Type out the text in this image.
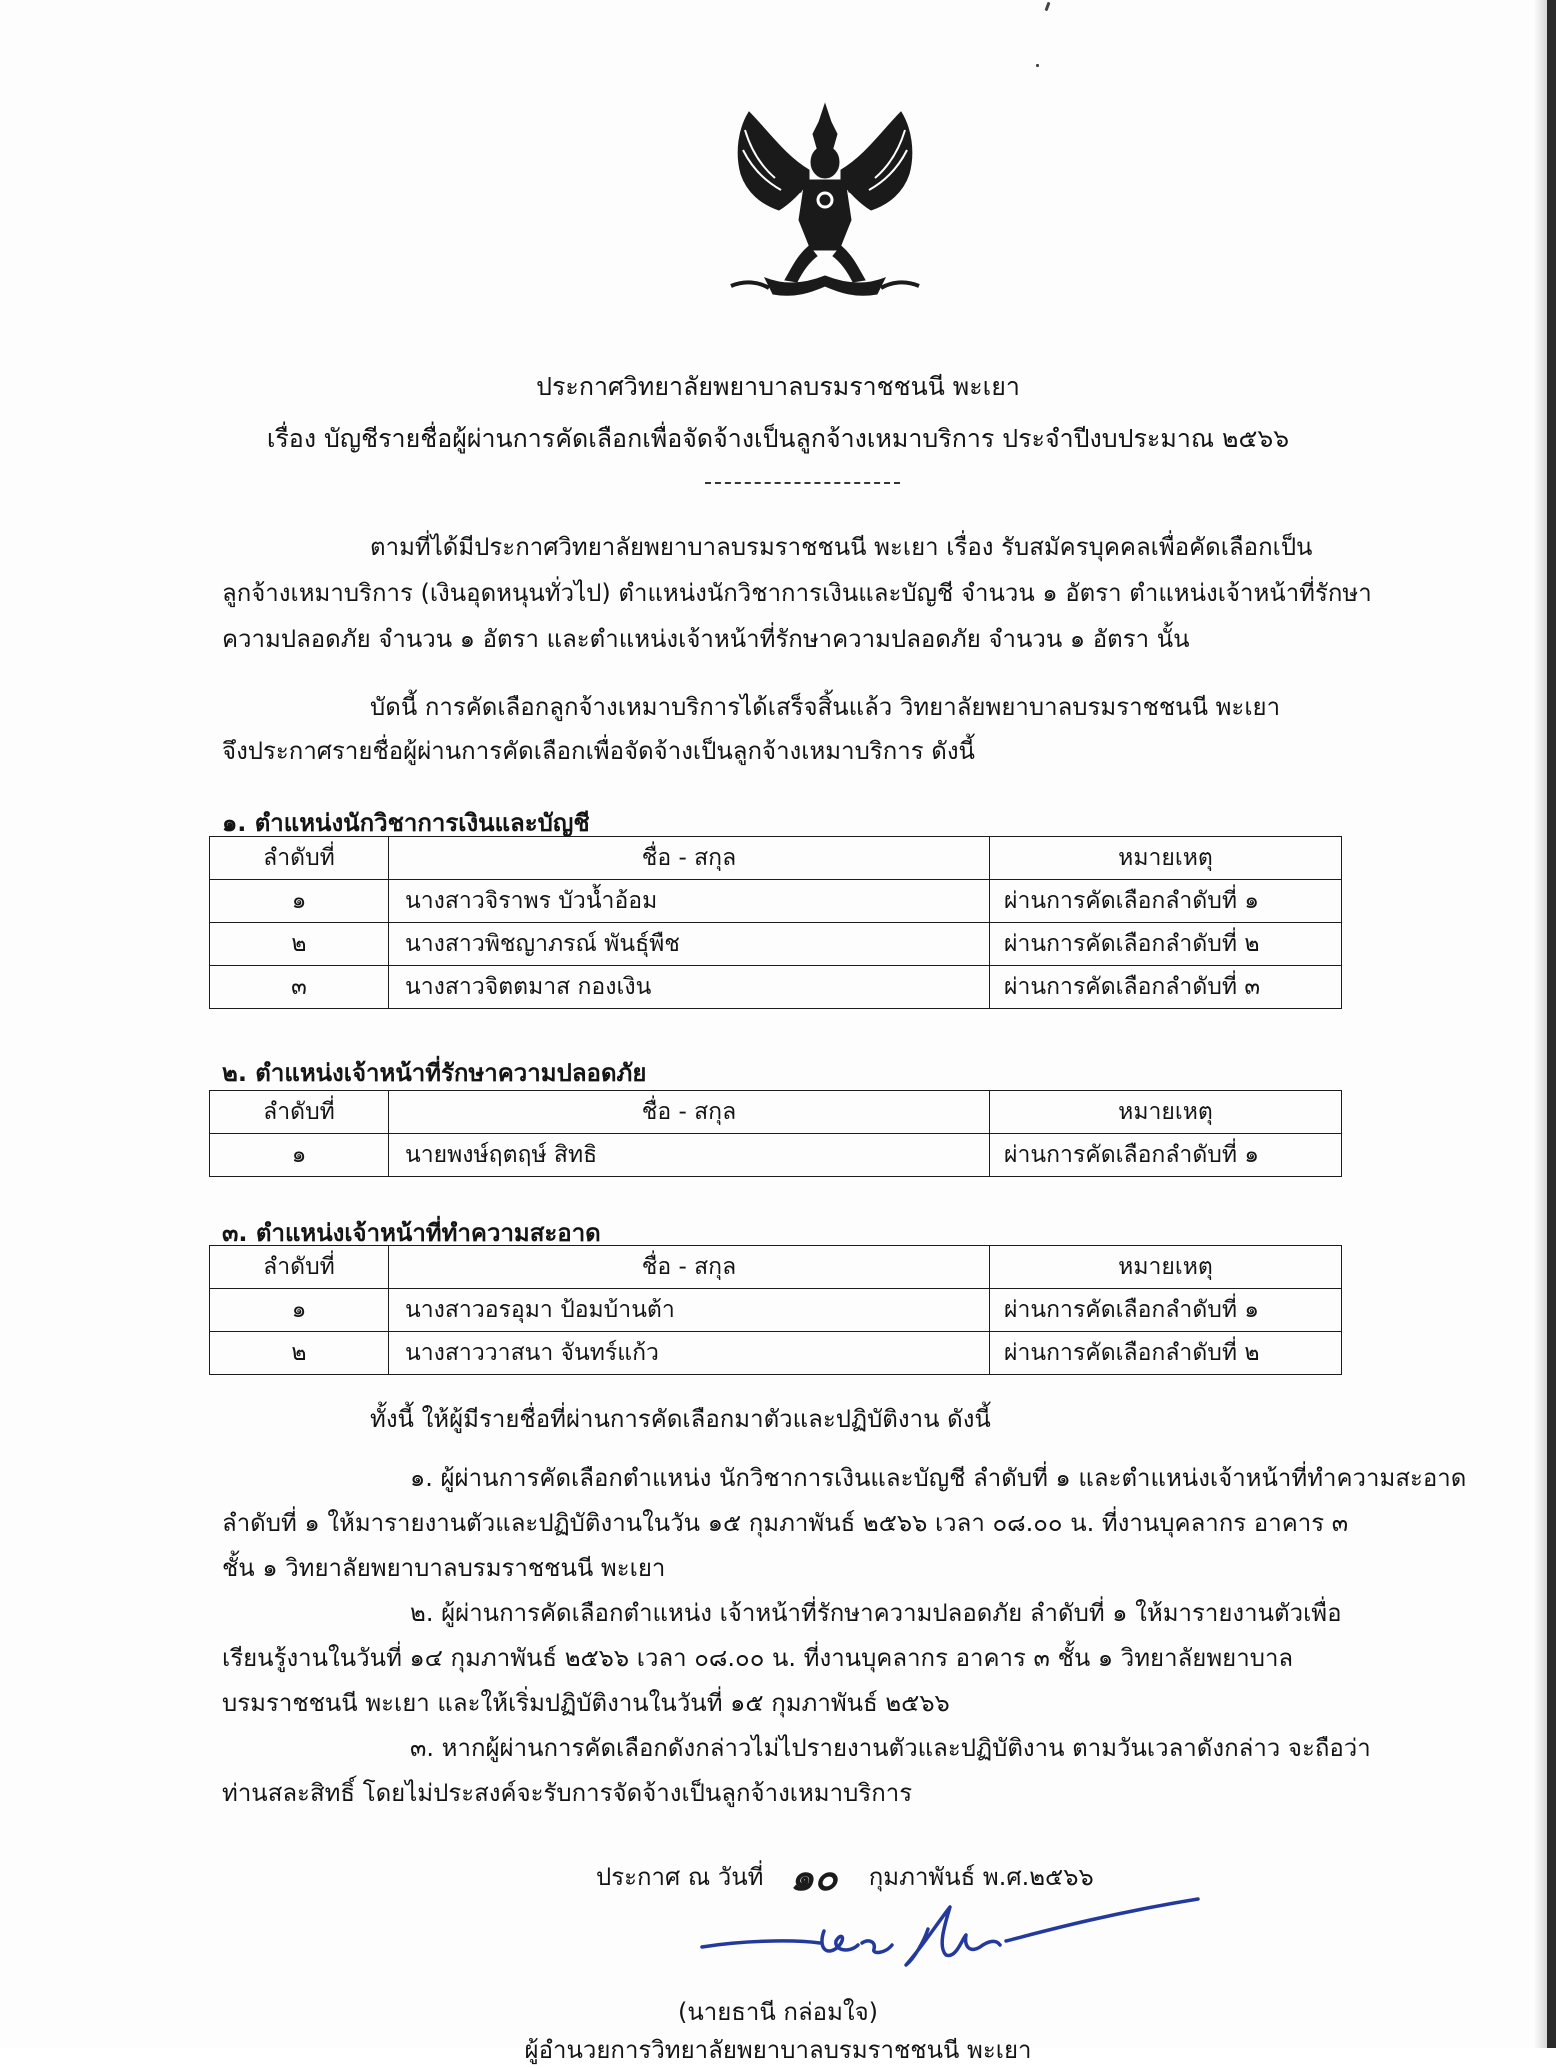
ประกาศวิทยาลัยพยาบาลบรมราชชนนี พะเยา
เรื่อง บัญชีรายชื่อผู้ผ่านการคัดเลือกเพื่อจัดจ้างเป็นลูกจ้างเหมาบริการ ประจำปีงบประมาณ ๒๕๖๖
ตามที่ได้มีประกาศวิทยาลัยพยาบาลบรมราชชนนี พะเยา เรื่อง รับสมัครบุคคลเพื่อคัดเลือกเป็น
ลูกจ้างเหมาบริการ (เงินอุดหนุนทั่วไป) ตำแหน่งนักวิชาการเงินและบัญชี จำนวน ๑ อัตรา ตำแหน่งเจ้าหน้าที่รักษา
ความปลอดภัย จำนวน ๑ อัตรา และตำแหน่งเจ้าหน้าที่รักษาความปลอดภัย จำนวน ๑ อัตรา นั้น
บัดนี้ การคัดเลือกลูกจ้างเหมาบริการได้เสร็จสิ้นแล้ว วิทยาลัยพยาบาลบรมราชชนนี พะเยา
จึงประกาศรายชื่อผู้ผ่านการคัดเลือกเพื่อจัดจ้างเป็นลูกจ้างเหมาบริการ ดังนี้
๑. ตำแหน่งนักวิชาการเงินและบัญชี
ลำดับที่	ชื่อ - สกุล	หมายเหตุ
๑	นางสาวจิราพร บัวน้ำอ้อม	ผ่านการคัดเลือกลำดับที่ ๑
๒	นางสาวพิชญาภรณ์ พันธุ์พืช	ผ่านการคัดเลือกลำดับที่ ๒
๓	นางสาวจิตตมาส กองเงิน	ผ่านการคัดเลือกลำดับที่ ๓
๒. ตำแหน่งเจ้าหน้าที่รักษาความปลอดภัย
ลำดับที่	ชื่อ - สกุล	หมายเหตุ
๑	นายพงษ์ฤตฤษ์ สิทธิ	ผ่านการคัดเลือกลำดับที่ ๑
๓. ตำแหน่งเจ้าหน้าที่ทำความสะอาด
ลำดับที่	ชื่อ - สกุล	หมายเหตุ
๑	นางสาวอรอุมา ป้อมบ้านต้า	ผ่านการคัดเลือกลำดับที่ ๑
๒	นางสาววาสนา จันทร์แก้ว	ผ่านการคัดเลือกลำดับที่ ๒
ทั้งนี้ ให้ผู้มีรายชื่อที่ผ่านการคัดเลือกมาตัวและปฏิบัติงาน ดังนี้
๑. ผู้ผ่านการคัดเลือกตำแหน่ง นักวิชาการเงินและบัญชี ลำดับที่ ๑ และตำแหน่งเจ้าหน้าที่ทำความสะอาด
ลำดับที่ ๑ ให้มารายงานตัวและปฏิบัติงานในวัน ๑๕ กุมภาพันธ์ ๒๕๖๖ เวลา ๐๘.๐๐ น. ที่งานบุคลากร อาคาร ๓
ชั้น ๑ วิทยาลัยพยาบาลบรมราชชนนี พะเยา
๒. ผู้ผ่านการคัดเลือกตำแหน่ง เจ้าหน้าที่รักษาความปลอดภัย ลำดับที่ ๑ ให้มารายงานตัวเพื่อ
เรียนรู้งานในวันที่ ๑๔ กุมภาพันธ์ ๒๕๖๖ เวลา ๐๘.๐๐ น. ที่งานบุคลากร อาคาร ๓ ชั้น ๑ วิทยาลัยพยาบาล
บรมราชชนนี พะเยา และให้เริ่มปฏิบัติงานในวันที่ ๑๕ กุมภาพันธ์ ๒๕๖๖
๓. หากผู้ผ่านการคัดเลือกดังกล่าวไม่ไปรายงานตัวและปฏิบัติงาน ตามวันเวลาดังกล่าว จะถือว่า
ท่านสละสิทธิ์ โดยไม่ประสงค์จะรับการจัดจ้างเป็นลูกจ้างเหมาบริการ
ประกาศ ณ วันที่	กุมภาพันธ์ พ.ศ.๒๕๖๖
๑๐
(นายธานี กล่อมใจ)
ผู้อำนวยการวิทยาลัยพยาบาลบรมราชชนนี พะเยา
